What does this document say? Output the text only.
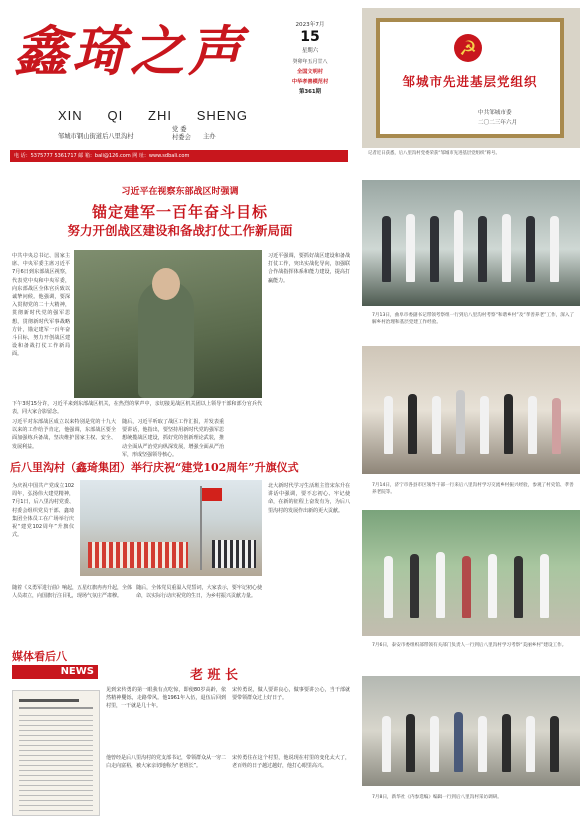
鑫琦之声
XIN QI ZHI SHENG
邹城市钢山街道后八里沟村
党 委
村委会 主办
2023年7月
15
星期六
癸卯年五月廿八
全国文明村
中华孝善模范村
第361期
电 话：5375777 5361717 邮 箱：bali@126.com 网 址：www.sdbali.com
☭
邹城市先进基层党组织
中共邹城市委
二〇二三年六月
记者近日获悉，后八里沟村党委荣获“邹城市先进基层党组织”称号。
习近平在视察东部战区时强调
锚定建军一百年奋斗目标
努力开创战区建设和备战打仗工作新局面
中共中央总书记、国家主席、中央军委主席习近平7月6日到东部战区视察，代表党中央和中央军委，向东部战区全体官兵致以诚挚问候。他强调，要深入贯彻党的二十大精神，贯彻新时代党的强军思想，贯彻新时代军事战略方针，锚定建军一百年奋斗目标，努力开创战区建设和备战打仗工作新局面。
下午3时15分许，习近平来到东部战区机关，在热烈的掌声中，亲切接见战区机关团以上领导干部和部分官兵代表，同大家合影留念。
习近平对东部战区成立以来特别是党的十九大以来的工作给予肯定，他强调，东部战区要全面加强练兵备战，坚决维护国家主权、安全、发展利益。
随后，习近平听取了战区工作汇报，并发表重要讲话，他指出，要坚持用新时代党的强军思想统揽战区建设，抓好党的创新理论武装，推动全面从严治党向纵深发展，增强全面从严治军，形成坚强领导核心。
习近平强调，要抓好战区建设和备战打仗工作，突出实战化导向，加强联合作战指挥体系和能力建设，提高打赢能力。
后八里沟村（鑫琦集团）举行庆祝“建党102周年”升旗仪式
为庆祝中国共产党成立102周年，弘扬伟大建党精神，7月1日，后八里沟村党委、村委会组织党员干部、鑫琦集团全体员工在广场举行庆祝“建党102周年”升旗仪式。
随着《义勇军进行曲》响起，五星红旗冉冉升起，全体人员肃立，向国旗行注目礼，现场气氛庄严肃穆。
随后，全体党员重温入党誓词，大家表示，要牢记初心使命，以实际行动庆祝党的生日，为乡村振兴贡献力量。
北大新时代学习生活班主管宋东升在讲话中强调，要不忘初心、牢记使命，在新的征程上奋发有为，为后八里沟村的发展作出新的更大贡献。
媒体看后八
NEWS	老 班 长
见到宋传勇的第一眼我有点吃惊，即使80岁高龄，依然精神矍铄，走路带风。他1961年入伍，退伍后回到村里，一干就是几十年。
他曾经是后八里沟村的党支部书记，带领群众从一穷二白走向富裕，被大家亲切地称为“老班长”。
宋传勇说，做人要讲良心，做事要讲公心，当干部就要带领群众过上好日子。
宋传勇住在这个村里，他说现在村里的变化太大了，老百姓的日子越过越好，他打心眼里高兴。
7月13日，曲阜市委副书记带领考察组一行到后八里沟村考察“和谐乡村”及“孝善养老”工作，深入了解乡村治理和基层党建工作经验。
7月14日，济宁市各县市区领导干部一行来后八里沟村学习交流乡村振兴经验，参观了村史馆、孝善养老院等。
7月6日，泰安市委组织部带领有关部门负责人一行到后八里沟村学习考察“美丽乡村”建设工作。
7月8日，新华社《内参选编》编辑一行到后八里沟村采访调研。
